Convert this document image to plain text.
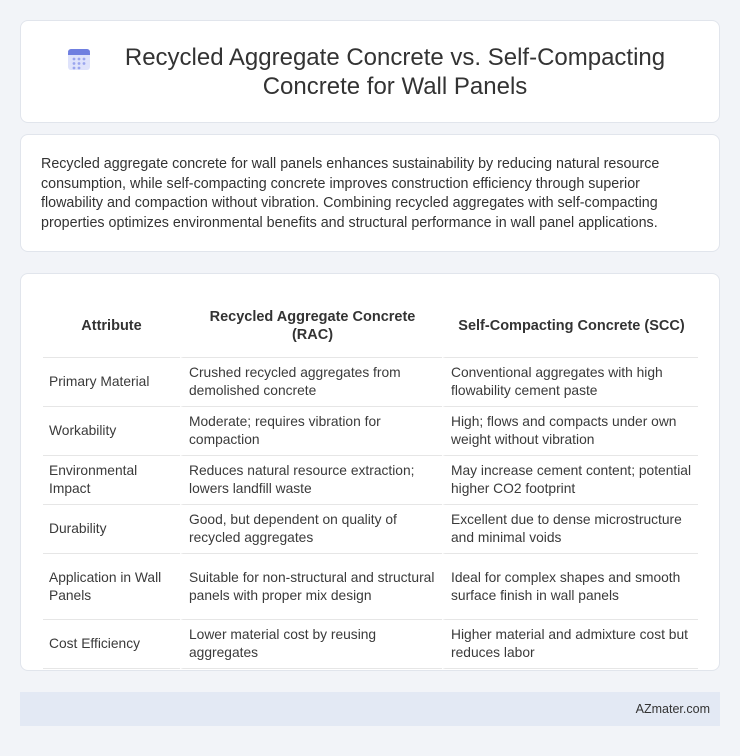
Recycled Aggregate Concrete vs. Self-Compacting Concrete for Wall Panels

Recycled aggregate concrete for wall panels enhances sustainability by reducing natural resource consumption, while self-compacting concrete improves construction efficiency through superior flowability and compaction without vibration. Combining recycled aggregates with self-compacting properties optimizes environmental benefits and structural performance in wall panel applications.

Attribute	Recycled Aggregate Concrete (RAC)	Self-Compacting Concrete (SCC)
Primary Material	Crushed recycled aggregates from demolished concrete	Conventional aggregates with high flowability cement paste
Workability	Moderate; requires vibration for compaction	High; flows and compacts under own weight without vibration
Environmental Impact	Reduces natural resource extraction; lowers landfill waste	May increase cement content; potential higher CO2 footprint
Durability	Good, but dependent on quality of recycled aggregates	Excellent due to dense microstructure and minimal voids
Application in Wall Panels	Suitable for non-structural and structural panels with proper mix design	Ideal for complex shapes and smooth surface finish in wall panels
Cost Efficiency	Lower material cost by reusing aggregates	Higher material and admixture cost but reduces labor
AZmater.com
